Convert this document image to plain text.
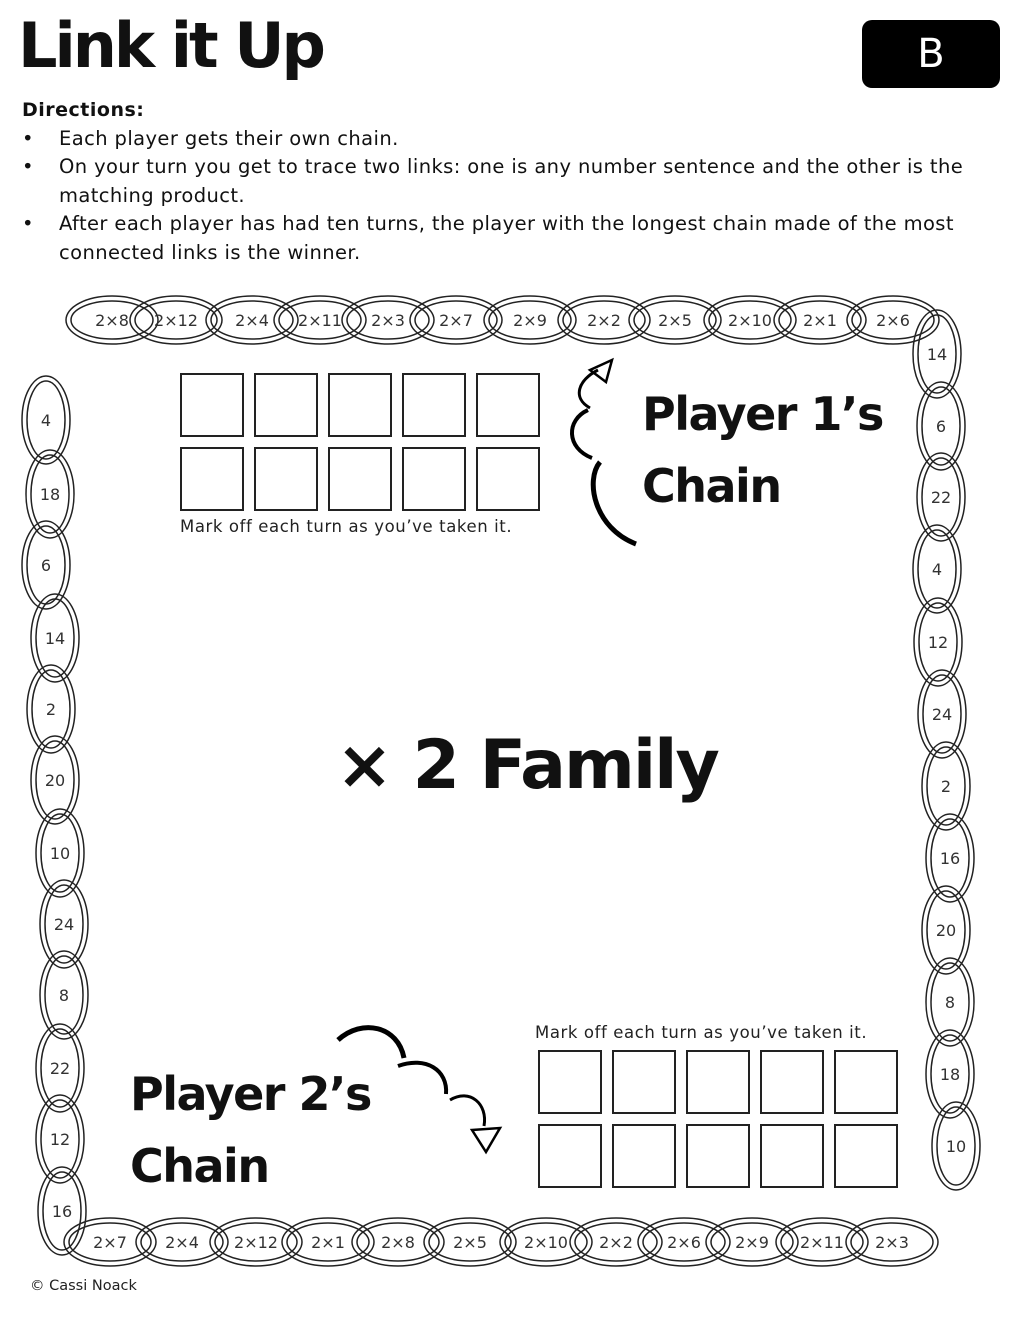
Link it Up	B
Directions:
• Each player gets their own chain.
• On your turn you get to trace two links: one is any number sentence and the other is the matching product.
• After each player has had ten turns, the player with the longest chain made of the most connected links is the winner.
2×8 2×12 2×4 2×11 2×3 2×7	2×9	2×2 2×5 2×10 2×1 2×6
2×7 2×4 2×12 2×1 2×8 2×5 2×10 2×2 2×6 2×9 2×11 2×3
4
18
6
14
2
20
10
24
8
22
12
16
14
6
22
4
12
24
2
16
20
8
18
10
Mark off each turn as you’ve taken it.
Player 1’s
Chain
× 2 Family
Mark off each turn as you’ve taken it.
Player 2’s
Chain
© Cassi Noack
